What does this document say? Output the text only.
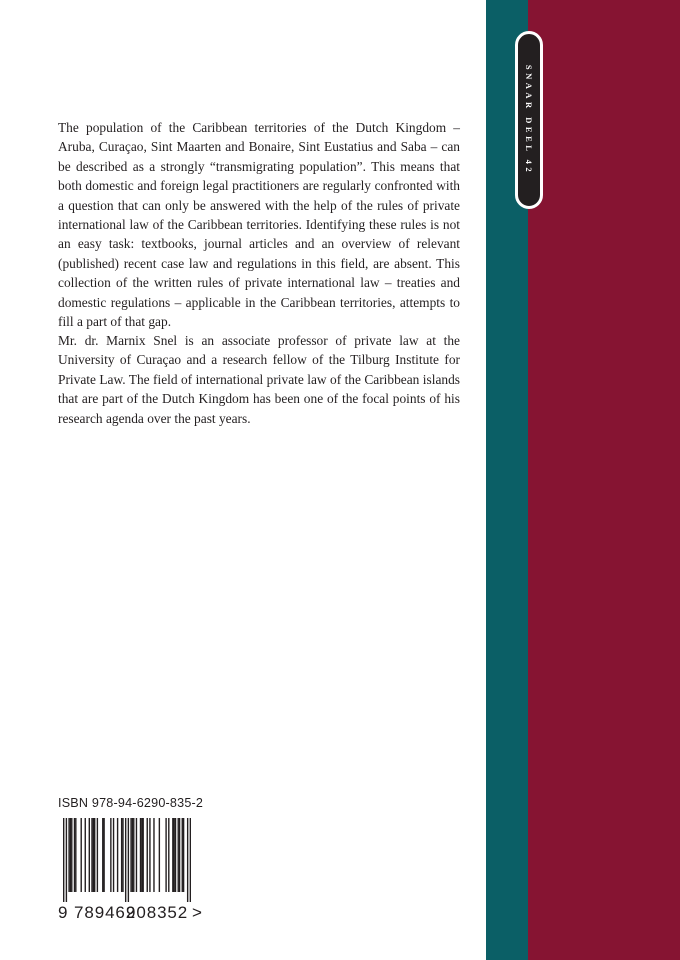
SNAAR DEEL 42

The population of the Caribbean territories of the Dutch Kingdom – Aruba, Curaçao, Sint Maarten and Bonaire, Sint Eustatius and Saba – can be described as a strongly “transmigrating population”. This means that both domestic and foreign legal practitioners are regularly confronted with a question that can only be answered with the help of the rules of private international law of the Caribbean territories. Identifying these rules is not an easy task: textbooks, journal articles and an overview of relevant (published) recent case law and regulations in this field, are absent. This collection of the written rules of private international law – treaties and domestic regulations – applicable in the Caribbean territories, attempts to fill a part of that gap.

Mr. dr. Marnix Snel is an associate professor of private law at the University of Curaçao and a research fellow of the Tilburg Institute for Private Law. The field of international private law of the Caribbean islands that are part of the Dutch Kingdom has been one of the focal points of his research agenda over the past years.

ISBN 978-94-6290-835-2
9 789462
908352 >
